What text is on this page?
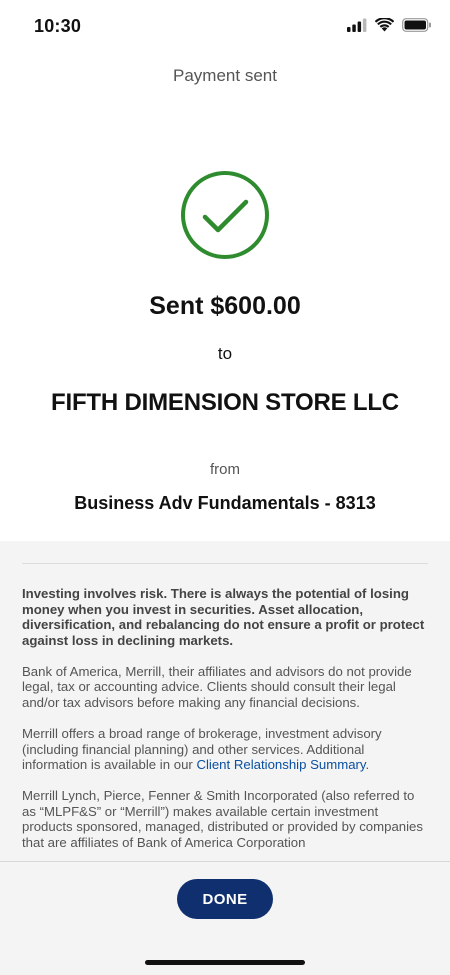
10:30
Payment sent
Sent $600.00
to
FIFTH DIMENSION STORE LLC
from
Business Adv Fundamentals - 8313

Investing involves risk. There is always the potential of losing money when you invest in securities. Asset allocation, diversification, and rebalancing do not ensure a profit or protect against loss in declining markets.

Bank of America, Merrill, their affiliates and advisors do not provide legal, tax or accounting advice. Clients should consult their legal and/or tax advisors before making any financial decisions.

Merrill offers a broad range of brokerage, investment advisory (including financial planning) and other services. Additional information is available in our Client Relationship Summary.

Merrill Lynch, Pierce, Fenner & Smith Incorporated (also referred to as “MLPF&S” or “Merrill”) makes available certain investment products sponsored, managed, distributed or provided by companies that are affiliates of Bank of America Corporation

DONE
